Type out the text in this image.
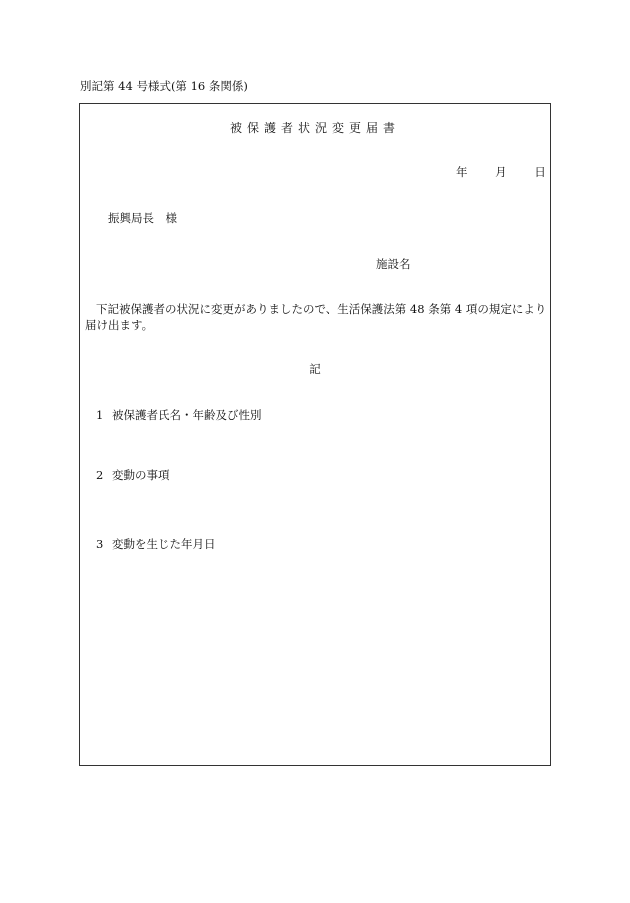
別記第 44 号様式(第 16 条関係)
被保護者状況変更届書
年 月 日
振興局長　様
施設名
下記被保護者の状況に変更がありましたので、生活保護法第 48 条第 4 項の規定により届け出ます。
記
1 被保護者氏名・年齢及び性別
2 変動の事項
3 変動を生じた年月日
